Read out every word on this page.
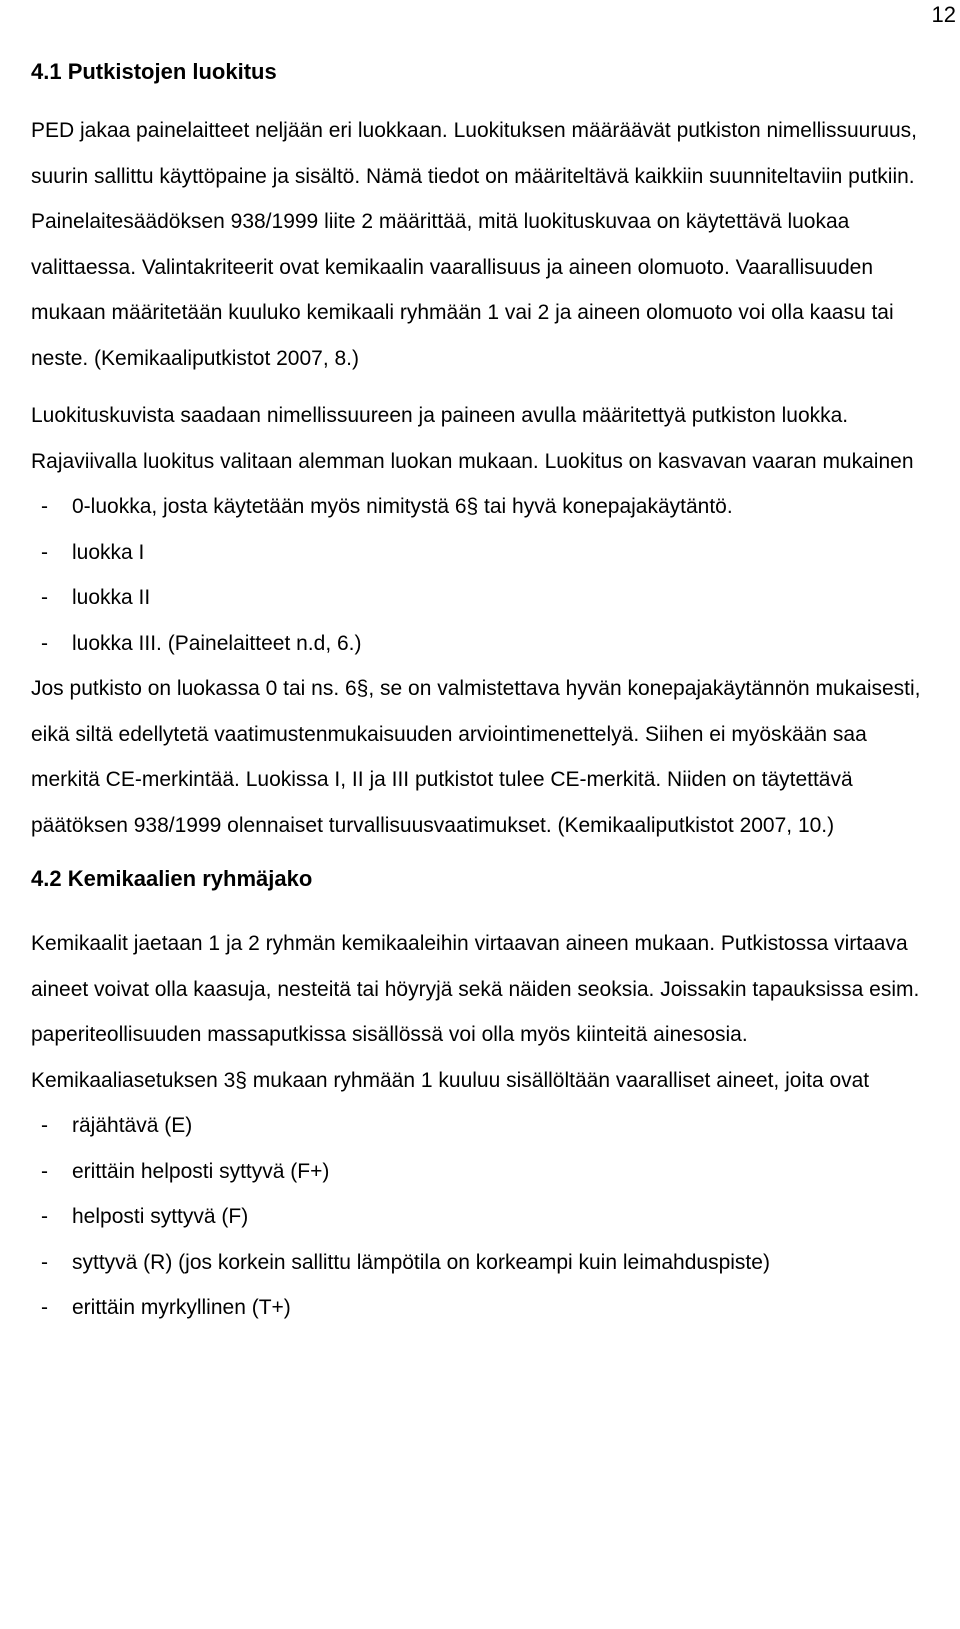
12
4.1 Putkistojen luokitus

PED jakaa painelaitteet neljään eri luokkaan. Luokituksen määräävät putkiston nimellissuuruus, suurin sallittu käyttöpaine ja sisältö. Nämä tiedot on määriteltävä kaikkiin suunniteltaviin putkiin. Painelaitesäädöksen 938/1999 liite 2 määrittää, mitä luokituskuvaa on käytettävä luokaa valittaessa. Valintakriteerit ovat kemikaalin vaarallisuus ja aineen olomuoto. Vaarallisuuden mukaan määritetään kuuluko kemikaali ryhmään 1 vai 2 ja aineen olomuoto voi olla kaasu tai neste. (Kemikaaliputkistot 2007, 8.)

Luokituskuvista saadaan nimellissuureen ja paineen avulla määritettyä putkiston luokka. Rajaviivalla luokitus valitaan alemman luokan mukaan. Luokitus on kasvavan vaaran mukainen

- 0-luokka, josta käytetään myös nimitystä 6§ tai hyvä konepajakäytäntö.
- luokka I
- luokka II
- luokka III. (Painelaitteet n.d, 6.)

Jos putkisto on luokassa 0 tai ns. 6§, se on valmistettava hyvän konepajakäytännön mukaisesti, eikä siltä edellytetä vaatimustenmukaisuuden arviointimenettelyä. Siihen ei myöskään saa merkitä CE-merkintää. Luokissa I, II ja III putkistot tulee CE-merkitä. Niiden on täytettävä päätöksen 938/1999 olennaiset turvallisuusvaatimukset. (Kemikaaliputkistot 2007, 10.)

4.2 Kemikaalien ryhmäjako

Kemikaalit jaetaan 1 ja 2 ryhmän kemikaaleihin virtaavan aineen mukaan. Putkistossa virtaava aineet voivat olla kaasuja, nesteitä tai höyryjä sekä näiden seoksia. Joissakin tapauksissa esim. paperiteollisuuden massaputkissa sisällössä voi olla myös kiinteitä ainesosia. Kemikaaliasetuksen 3§ mukaan ryhmään 1 kuuluu sisällöltään vaaralliset aineet, joita ovat

- räjähtävä (E)
- erittäin helposti syttyvä (F+)
- helposti syttyvä (F)
- syttyvä (R) (jos korkein sallittu lämpötila on korkeampi kuin leimahduspiste)
- erittäin myrkyllinen (T+)
